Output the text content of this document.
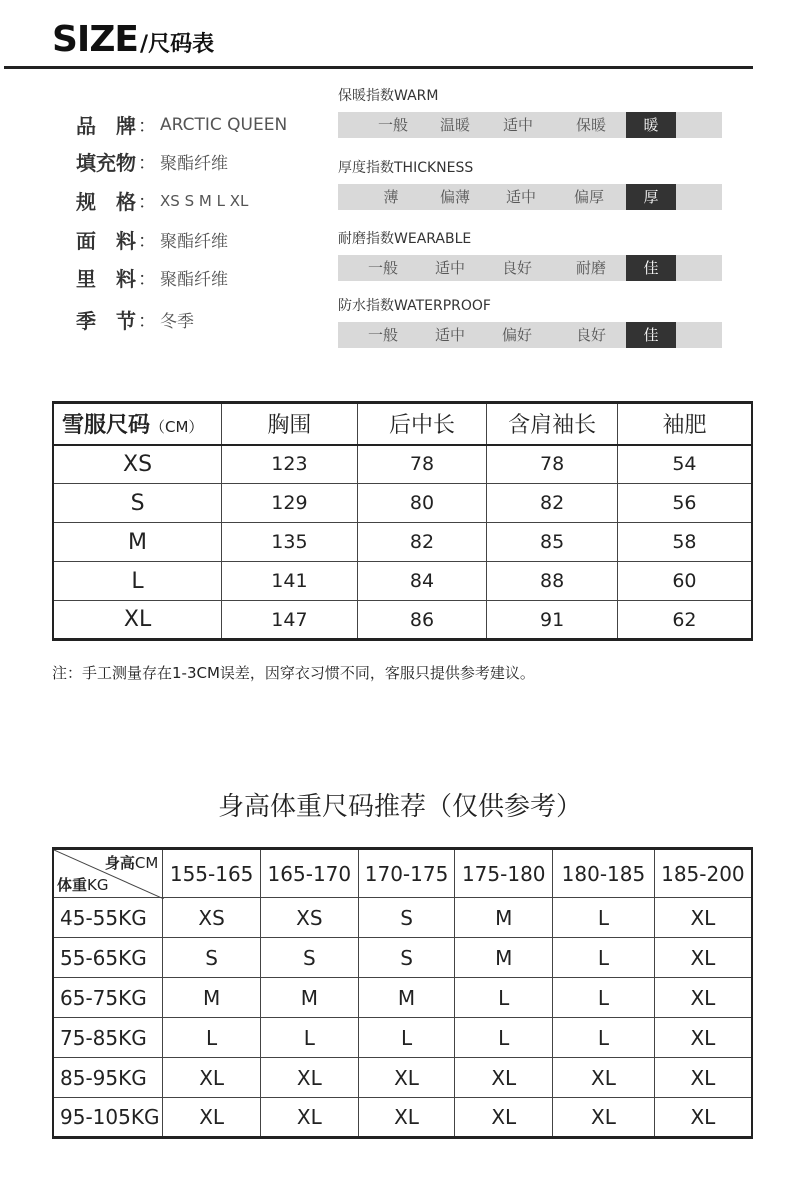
SIZE /尺码表
品　牌 ： ARCTIC QUEEN
填充物 ： 聚酯纤维
规　格 ： XS S M L XL
面　料 ： 聚酯纤维
里　料 ： 聚酯纤维
季　节 ： 冬季
保暖指数WARM
一般	温暖	适中	保暖	暖
厚度指数THICKNESS
薄	偏薄	适中	偏厚	厚
耐磨指数WEARABLE
一般	适中	良好	耐磨	佳
防水指数WATERPROOF
一般	适中	偏好	良好	佳
雪服尺码（CM）	胸围	后中长	含肩袖长	袖肥
XS	123	78	78	54
S	129	80	82	56
M	135	82	85	58
L	141	84	88	60
XL	147	86	91	62
注：手工测量存在1-3CM误差，因穿衣习惯不同，客服只提供参考建议。
身高体重尺码推荐（仅供参考）
身高CM
体重KG	155-165	165-170	170-175	175-180	180-185	185-200
45-55KG	XS	XS	S	M	L	XL
55-65KG	S	S	S	M	L	XL
65-75KG	M	M	M	L	L	XL
75-85KG	L	L	L	L	L	XL
85-95KG	XL	XL	XL	XL	XL	XL
95-105KG	XL	XL	XL	XL	XL	XL
